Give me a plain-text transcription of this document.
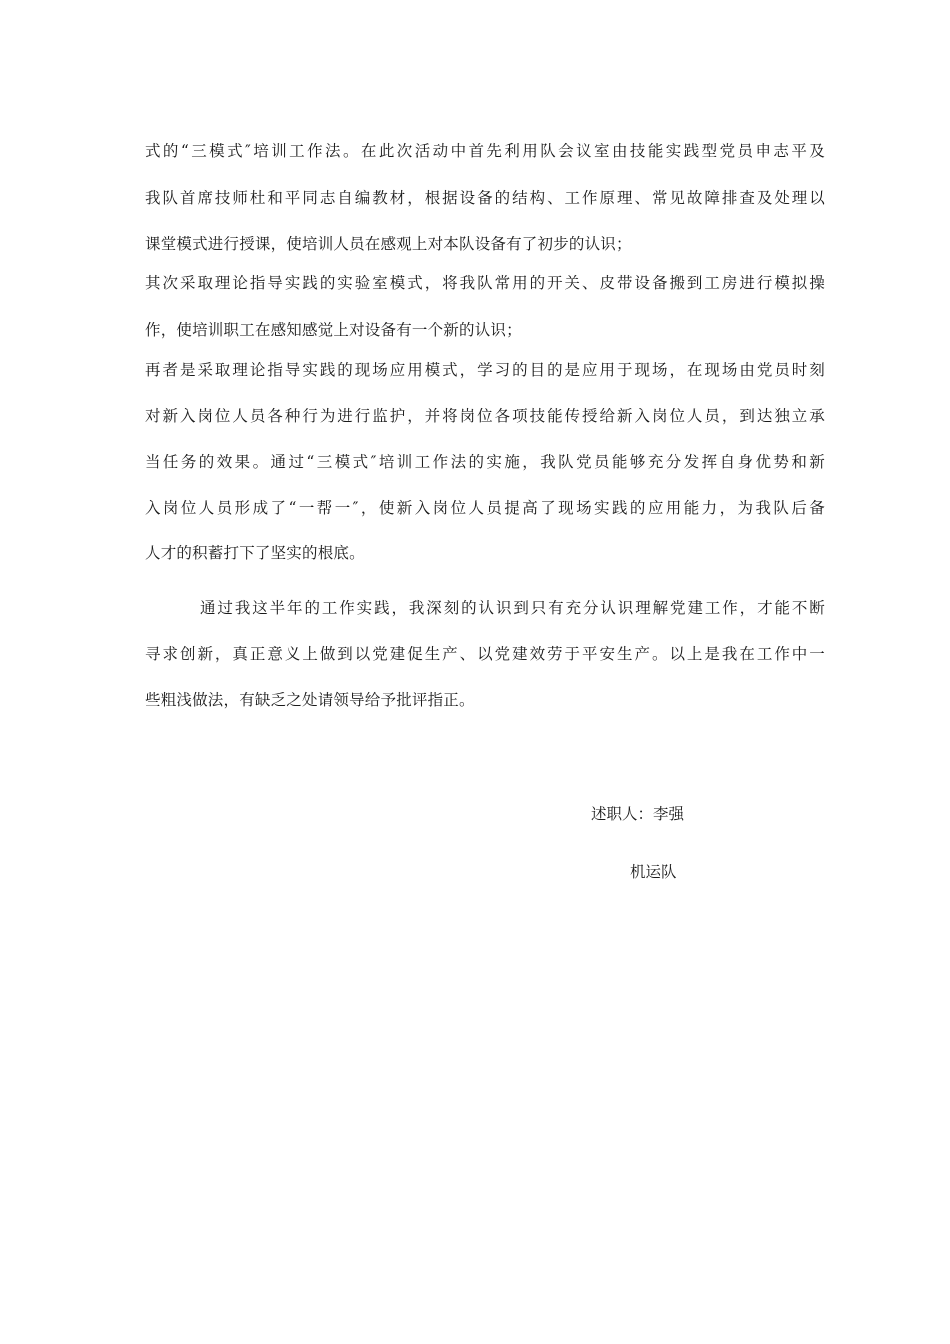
式的“三模式″培训工作法。在此次活动中首先利用队会议室由技能实践型党员申志平及
我队首席技师杜和平同志自编教材，根据设备的结构、工作原理、常见故障排查及处理以
课堂模式进行授课，使培训人员在感观上对本队设备有了初步的认识；
其次采取理论指导实践的实验室模式，将我队常用的开关、皮带设备搬到工房进行模拟操
作，使培训职工在感知感觉上对设备有一个新的认识；
再者是采取理论指导实践的现场应用模式，学习的目的是应用于现场，在现场由党员时刻
对新入岗位人员各种行为进行监护，并将岗位各项技能传授给新入岗位人员，到达独立承
当任务的效果。通过“三模式″培训工作法的实施，我队党员能够充分发挥自身优势和新
入岗位人员形成了“一帮一″，使新入岗位人员提高了现场实践的应用能力，为我队后备
人才的积蓄打下了坚实的根底。
通过我这半年的工作实践，我深刻的认识到只有充分认识理解党建工作，才能不断
寻求创新，真正意义上做到以党建促生产、以党建效劳于平安生产。以上是我在工作中一
些粗浅做法，有缺乏之处请领导给予批评指正。
述职人：李强
机运队
